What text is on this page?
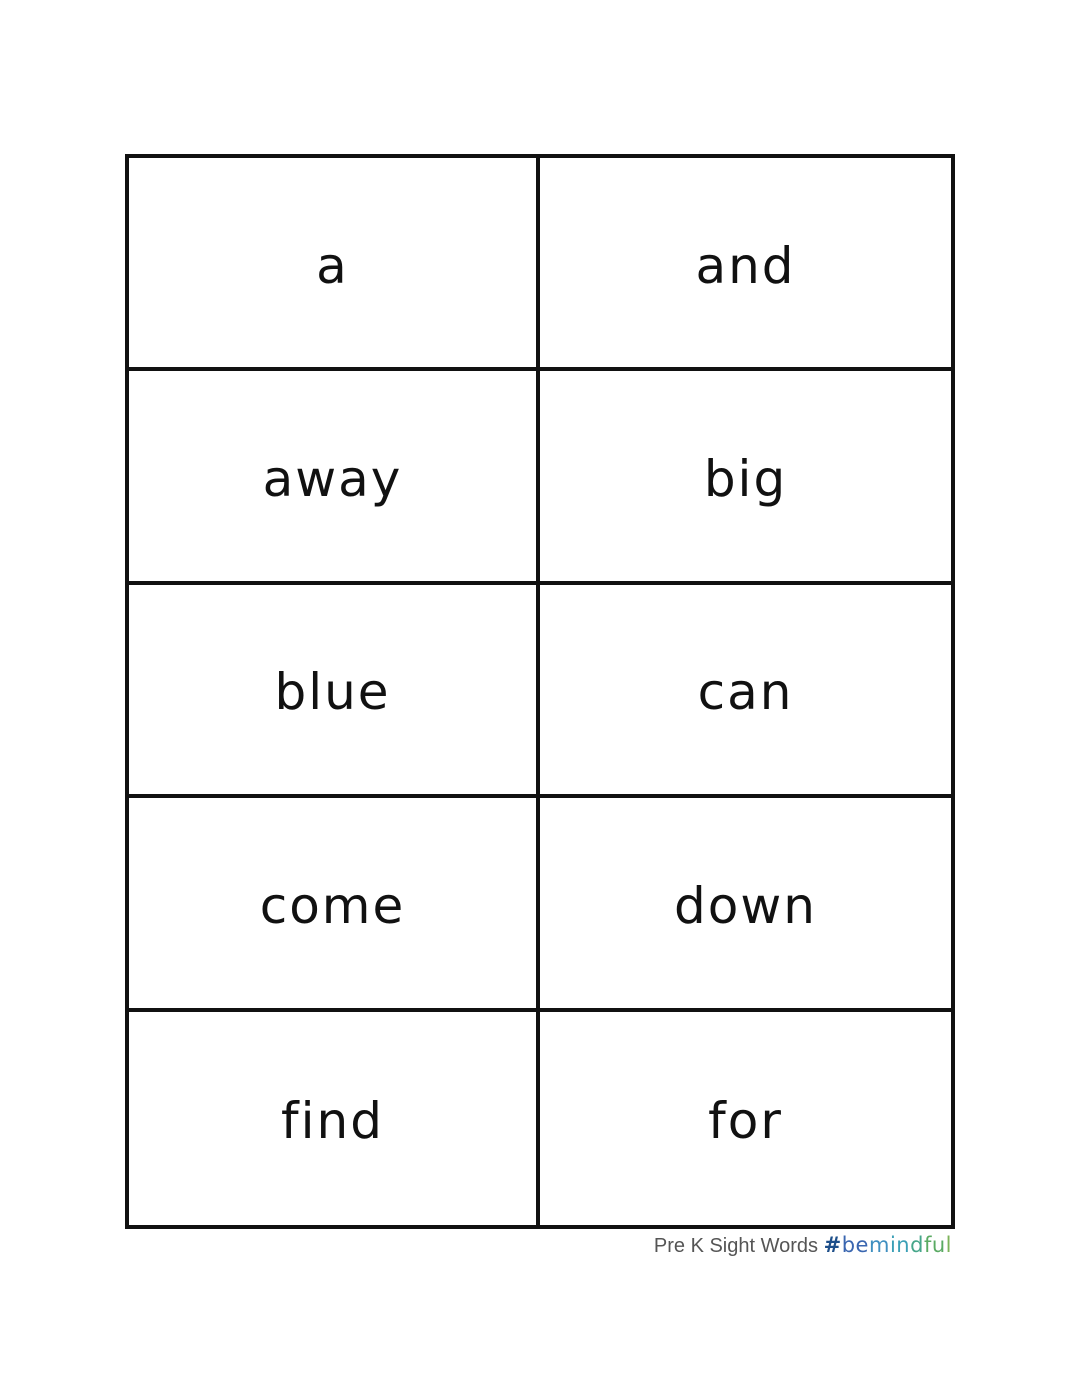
a	and
away	big
blue	can
come	down
find	for
Pre K Sight Words #bemindful
